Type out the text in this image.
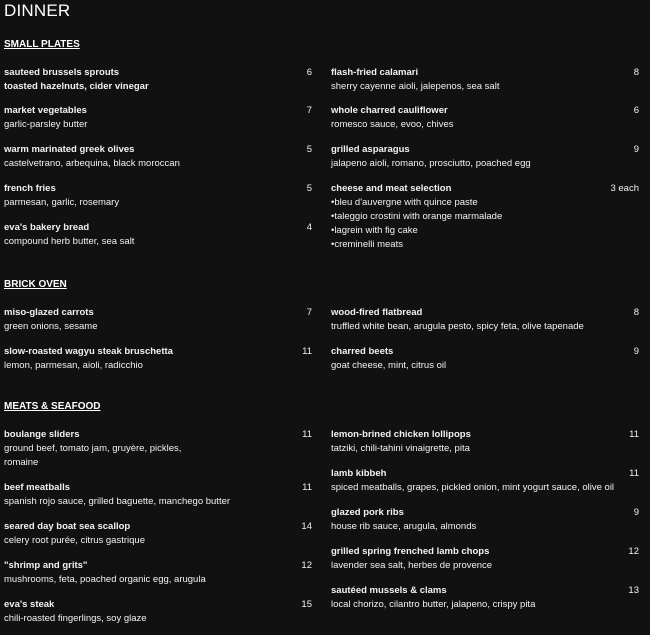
DINNER
SMALL PLATES
BRICK OVEN
MEATS & SEAFOOD
sauteed brussels sprouts	6
toasted hazelnuts, cider vinegar
market vegetables	7
garlic-parsley butter
warm marinated greek olives	5
castelvetrano, arbequina, black moroccan
french fries	5
parmesan, garlic, rosemary
eva's bakery bread	4
compound herb butter, sea salt
flash-fried calamari	8
sherry cayenne aioli, jalepenos, sea salt
whole charred cauliflower	6
romesco sauce, evoo, chives
grilled asparagus	9
jalapeno aioli, romano, prosciutto, poached egg
cheese and meat selection	3 each
•bleu d'auvergne with quince paste
•taleggio crostini with orange marmalade
•lagrein with fig cake
•creminelli meats
miso-glazed carrots	7
green onions, sesame
slow-roasted wagyu steak bruschetta	11
lemon, parmesan, aioli, radicchio
wood-fired flatbread	8
truffled white bean, arugula pesto, spicy feta, olive tapenade
charred beets	9
goat cheese, mint, citrus oil
boulange sliders	11
ground beef, tomato jam, gruyère, pickles,
romaine
beef meatballs	11
spanish rojo sauce, grilled baguette, manchego butter
seared day boat sea scallop	14
celery root purée, citrus gastrique
"shrimp and grits"	12
mushrooms, feta, poached organic egg, arugula
eva's steak	15
chili-roasted fingerlings, soy glaze
lemon-brined chicken lollipops	11
tatziki, chili-tahini vinaigrette, pita
lamb kibbeh	11
spiced meatballs, grapes, pickled onion, mint yogurt sauce, olive oil
glazed pork ribs	9
house rib sauce, arugula, almonds
grilled spring frenched lamb chops	12
lavender sea salt, herbes de provence
sautéed mussels & clams	13
local chorizo, cilantro butter, jalapeno, crispy pita
